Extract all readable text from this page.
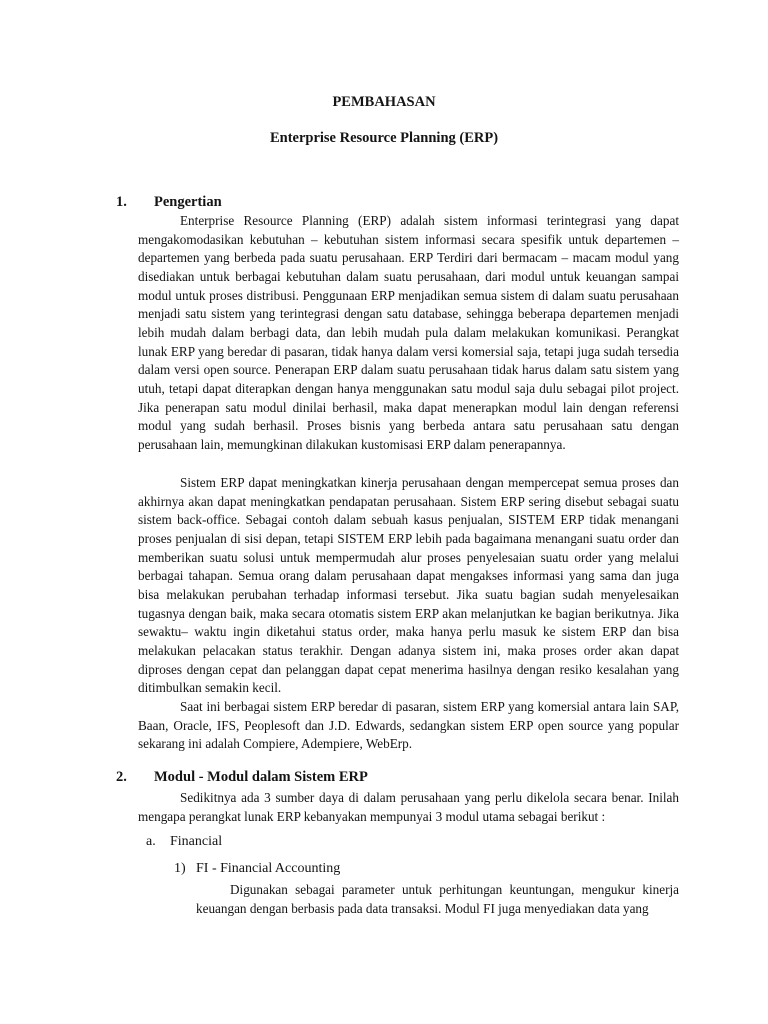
PEMBAHASAN
Enterprise Resource Planning (ERP)
1. Pengertian
Enterprise Resource Planning (ERP) adalah sistem informasi terintegrasi yang dapat mengakomodasikan kebutuhan – kebutuhan sistem informasi secara spesifik untuk departemen – departemen yang berbeda pada suatu perusahaan. ERP Terdiri dari bermacam – macam modul yang disediakan untuk berbagai kebutuhan dalam suatu perusahaan, dari modul untuk keuangan sampai modul untuk proses distribusi. Penggunaan ERP menjadikan semua sistem di dalam suatu perusahaan menjadi satu sistem yang terintegrasi dengan satu database, sehingga beberapa departemen menjadi lebih mudah dalam berbagi data, dan lebih mudah pula dalam melakukan komunikasi. Perangkat lunak ERP yang beredar di pasaran, tidak hanya dalam versi komersial saja, tetapi juga sudah tersedia dalam versi open source. Penerapan ERP dalam suatu perusahaan tidak harus dalam satu sistem yang utuh, tetapi dapat diterapkan dengan hanya menggunakan satu modul saja dulu sebagai pilot project. Jika penerapan satu modul dinilai berhasil, maka dapat menerapkan modul lain dengan referensi modul yang sudah berhasil. Proses bisnis yang berbeda antara satu perusahaan satu dengan perusahaan lain, memungkinan dilakukan kustomisasi ERP dalam penerapannya.
Sistem ERP dapat meningkatkan kinerja perusahaan dengan mempercepat semua proses dan akhirnya akan dapat meningkatkan pendapatan perusahaan. Sistem ERP sering disebut sebagai suatu sistem back-office. Sebagai contoh dalam sebuah kasus penjualan, SISTEM ERP tidak menangani proses penjualan di sisi depan, tetapi SISTEM ERP lebih pada bagaimana menangani suatu order dan memberikan suatu solusi untuk mempermudah alur proses penyelesaian suatu order yang melalui berbagai tahapan. Semua orang dalam perusahaan dapat mengakses informasi yang sama dan juga bisa melakukan perubahan terhadap informasi tersebut. Jika suatu bagian sudah menyelesaikan tugasnya dengan baik, maka secara otomatis sistem ERP akan melanjutkan ke bagian berikutnya. Jika sewaktu– waktu ingin diketahui status order, maka hanya perlu masuk ke sistem ERP dan bisa melakukan pelacakan status terakhir. Dengan adanya sistem ini, maka proses order akan dapat diproses dengan cepat dan pelanggan dapat cepat menerima hasilnya dengan resiko kesalahan yang ditimbulkan semakin kecil.
Saat ini berbagai sistem ERP beredar di pasaran, sistem ERP yang komersial antara lain SAP, Baan, Oracle, IFS, Peoplesoft dan J.D. Edwards, sedangkan sistem ERP open source yang popular sekarang ini adalah Compiere, Adempiere, WebErp.
2. Modul - Modul dalam Sistem ERP
Sedikitnya ada 3 sumber daya di dalam perusahaan yang perlu dikelola secara benar. Inilah mengapa perangkat lunak ERP kebanyakan mempunyai 3 modul utama sebagai berikut :
a. Financial
1) FI - Financial Accounting
Digunakan sebagai parameter untuk perhitungan keuntungan, mengukur kinerja keuangan dengan berbasis pada data transaksi. Modul FI juga menyediakan data yang
